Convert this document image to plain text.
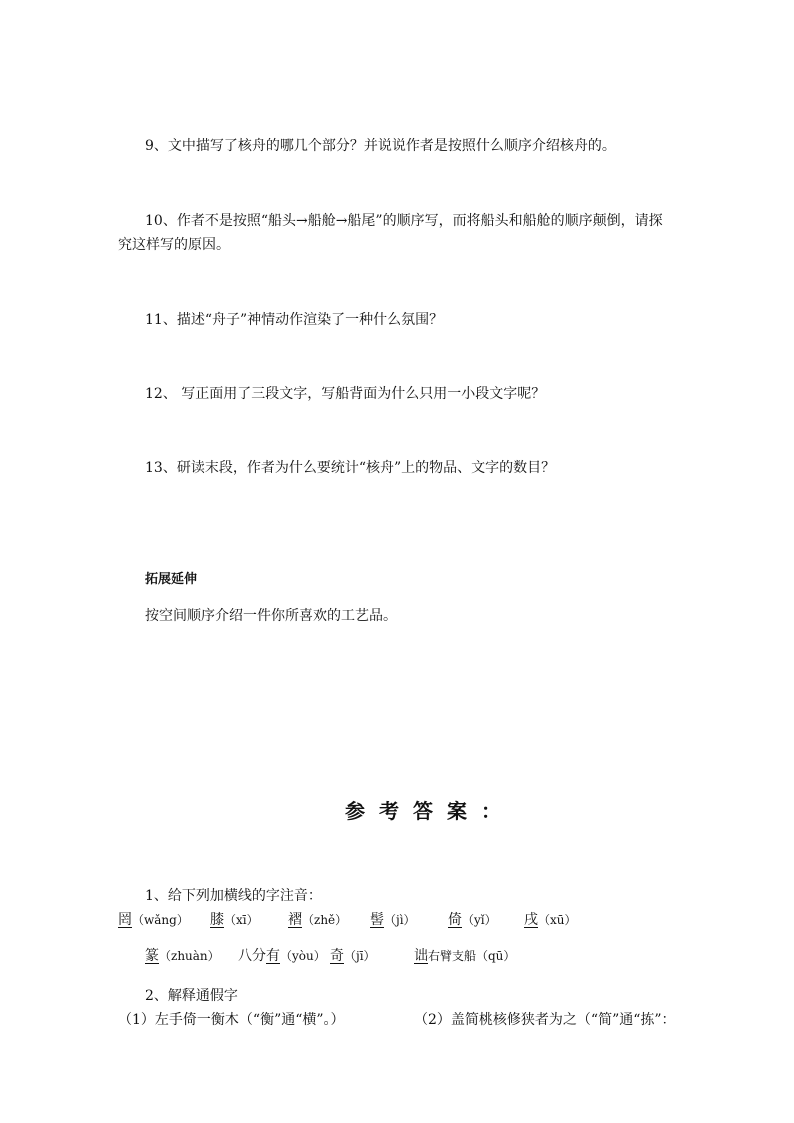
9、文中描写了核舟的哪几个部分？并说说作者是按照什么顺序介绍核舟的。
10、作者不是按照“船头→船舱→船尾”的顺序写，而将船头和船舱的顺序颠倒，请探
究这样写的原因。
11、描述“舟子”神情动作渲染了一种什么氛围？
12、 写正面用了三段文字，写船背面为什么只用一小段文字呢？
13、研读末段，作者为什么要统计“核舟”上的物品、文字的数目？
拓展延伸
按空间顺序介绍一件你所喜欢的工艺品。
参考答案：
1、给下列加横线的字注音：
罔（wǎng） 膝（xī） 褶（zhě） 髻（jì） 倚（yǐ） 戌（xū）
篆（zhuàn） 八分有（yòu） 奇（jī）	诎右臂支船（qū）
2、解释通假字
（1）左手倚一衡木（“衡”通“横”。）	（2）盖简桃核修狭者为之（“简”通“拣”：
